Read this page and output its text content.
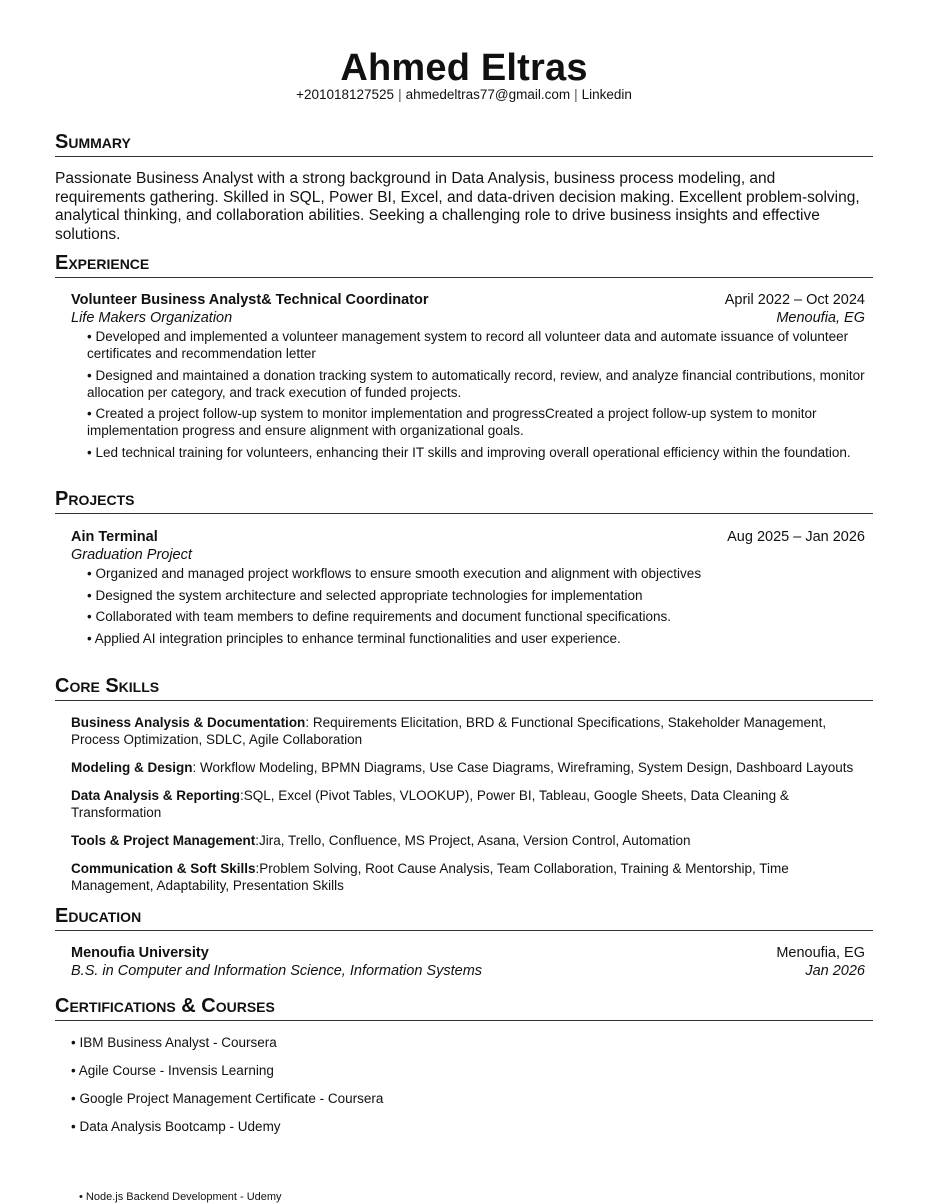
Ahmed Eltras
+201018127525 | ahmedeltras77@gmail.com | Linkedin
Summary
Passionate Business Analyst with a strong background in Data Analysis, business process modeling, and requirements gathering. Skilled in SQL, Power BI, Excel, and data-driven decision making. Excellent problem-solving, analytical thinking, and collaboration abilities. Seeking a challenging role to drive business insights and effective solutions.
Experience
Volunteer Business Analyst& Technical Coordinator	April 2022 – Oct 2024
Life Makers Organization	Menoufia, EG
• Developed and implemented a volunteer management system to record all volunteer data and automate issuance of volunteer certificates and recommendation letter
• Designed and maintained a donation tracking system to automatically record, review, and analyze financial contributions, monitor allocation per category, and track execution of funded projects.
• Created a project follow-up system to monitor implementation and progressCreated a project follow-up system to monitor implementation progress and ensure alignment with organizational goals.
• Led technical training for volunteers, enhancing their IT skills and improving overall operational efficiency within the foundation.
Projects
Ain Terminal	Aug 2025 – Jan 2026
Graduation Project
• Organized and managed project workflows to ensure smooth execution and alignment with objectives
• Designed the system architecture and selected appropriate technologies for implementation
• Collaborated with team members to define requirements and document functional specifications.
• Applied AI integration principles to enhance terminal functionalities and user experience.
Core Skills
Business Analysis & Documentation: Requirements Elicitation, BRD & Functional Specifications, Stakeholder Management, Process Optimization, SDLC, Agile Collaboration
Modeling & Design: Workflow Modeling, BPMN Diagrams, Use Case Diagrams, Wireframing, System Design, Dashboard Layouts
Data Analysis & Reporting:SQL, Excel (Pivot Tables, VLOOKUP), Power BI, Tableau, Google Sheets, Data Cleaning & Transformation
Tools & Project Management:Jira, Trello, Confluence, MS Project, Asana, Version Control, Automation
Communication & Soft Skills:Problem Solving, Root Cause Analysis, Team Collaboration, Training & Mentorship, Time Management, Adaptability, Presentation Skills
Education
Menoufia University	Menoufia, EG
B.S. in Computer and Information Science, Information Systems	Jan 2026
Certifications & Courses
• IBM Business Analyst - Coursera
• Agile Course - Invensis Learning
• Google Project Management Certificate - Coursera
• Data Analysis Bootcamp - Udemy
• Node.js Backend Development - Udemy
